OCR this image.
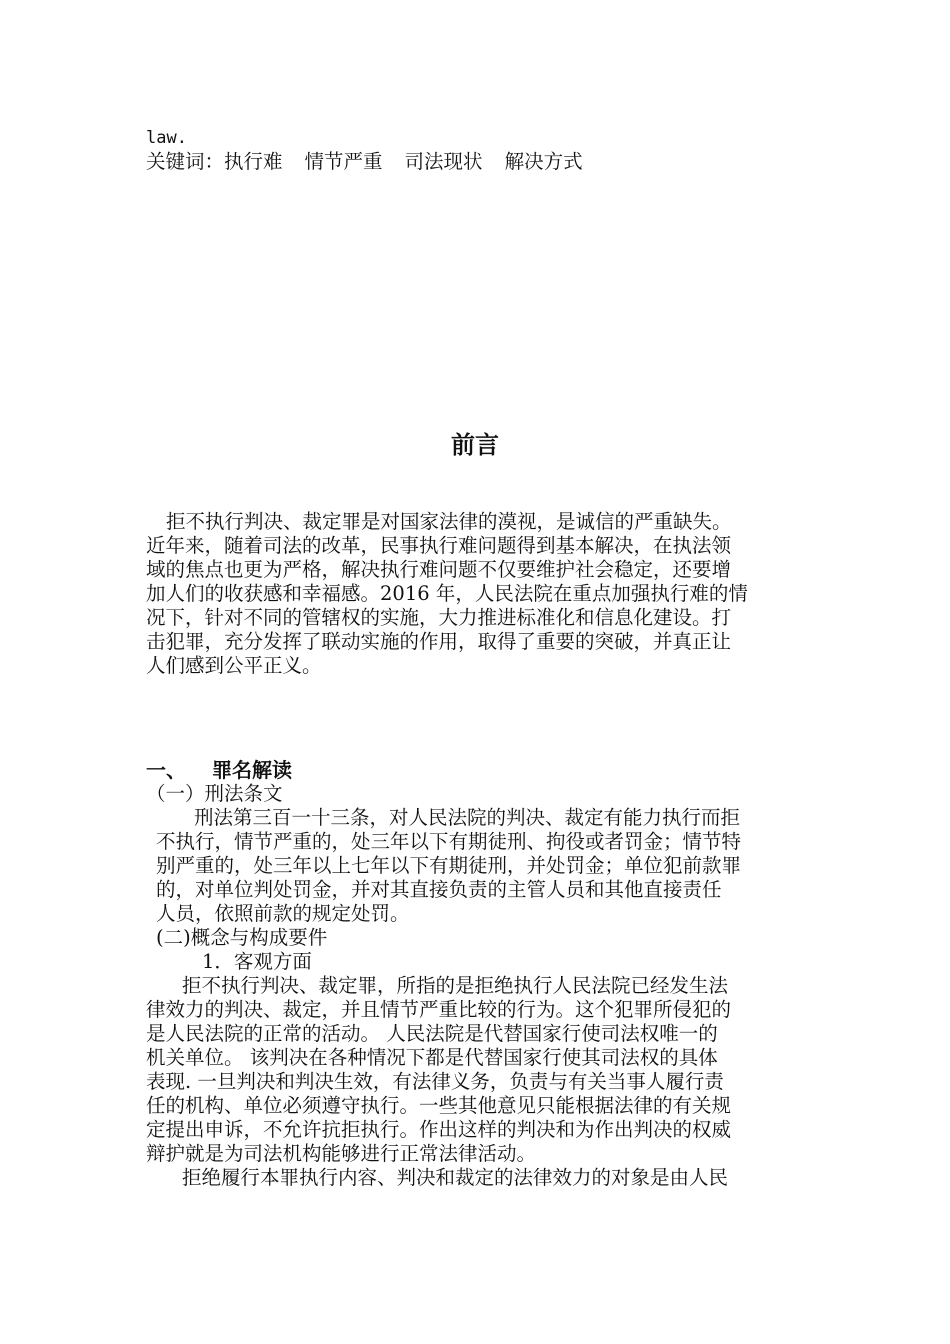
law.
关键词：执行难 情节严重 司法现状 解决方式
前言
拒不执行判决、裁定罪是对国家法律的漠视，是诚信的严重缺失。
近年来，随着司法的改革，民事执行难问题得到基本解决，在执法领
域的焦点也更为严格，解决执行难问题不仅要维护社会稳定，还要增
加人们的收获感和幸福感。2016 年，人民法院在重点加强执行难的情
况下，针对不同的管辖权的实施，大力推进标准化和信息化建设。打
击犯罪，充分发挥了联动实施的作用，取得了重要的突破，并真正让
人们感到公平正义。
一、 罪名解读
（一）刑法条文
刑法第三百一十三条，对人民法院的判决、裁定有能力执行而拒
不执行，情节严重的，处三年以下有期徒刑、拘役或者罚金；情节特
别严重的，处三年以上七年以下有期徒刑，并处罚金；单位犯前款罪
的，对单位判处罚金，并对其直接负责的主管人员和其他直接责任
人员，依照前款的规定处罚。
(二)概念与构成要件
1．客观方面
拒不执行判决、裁定罪，所指的是拒绝执行人民法院已经发生法
律效力的判决、裁定，并且情节严重比较的行为。这个犯罪所侵犯的
是人民法院的正常的活动。 人民法院是代替国家行使司法权唯一的
机关单位。 该判决在各种情况下都是代替国家行使其司法权的具体
表现. 一旦判决和判决生效，有法律义务，负责与有关当事人履行责
任的机构、单位必须遵守执行。一些其他意见只能根据法律的有关规
定提出申诉，不允许抗拒执行。作出这样的判决和为作出判决的权威
辩护就是为司法机构能够进行正常法律活动。
拒绝履行本罪执行内容、判决和裁定的法律效力的对象是由人民
